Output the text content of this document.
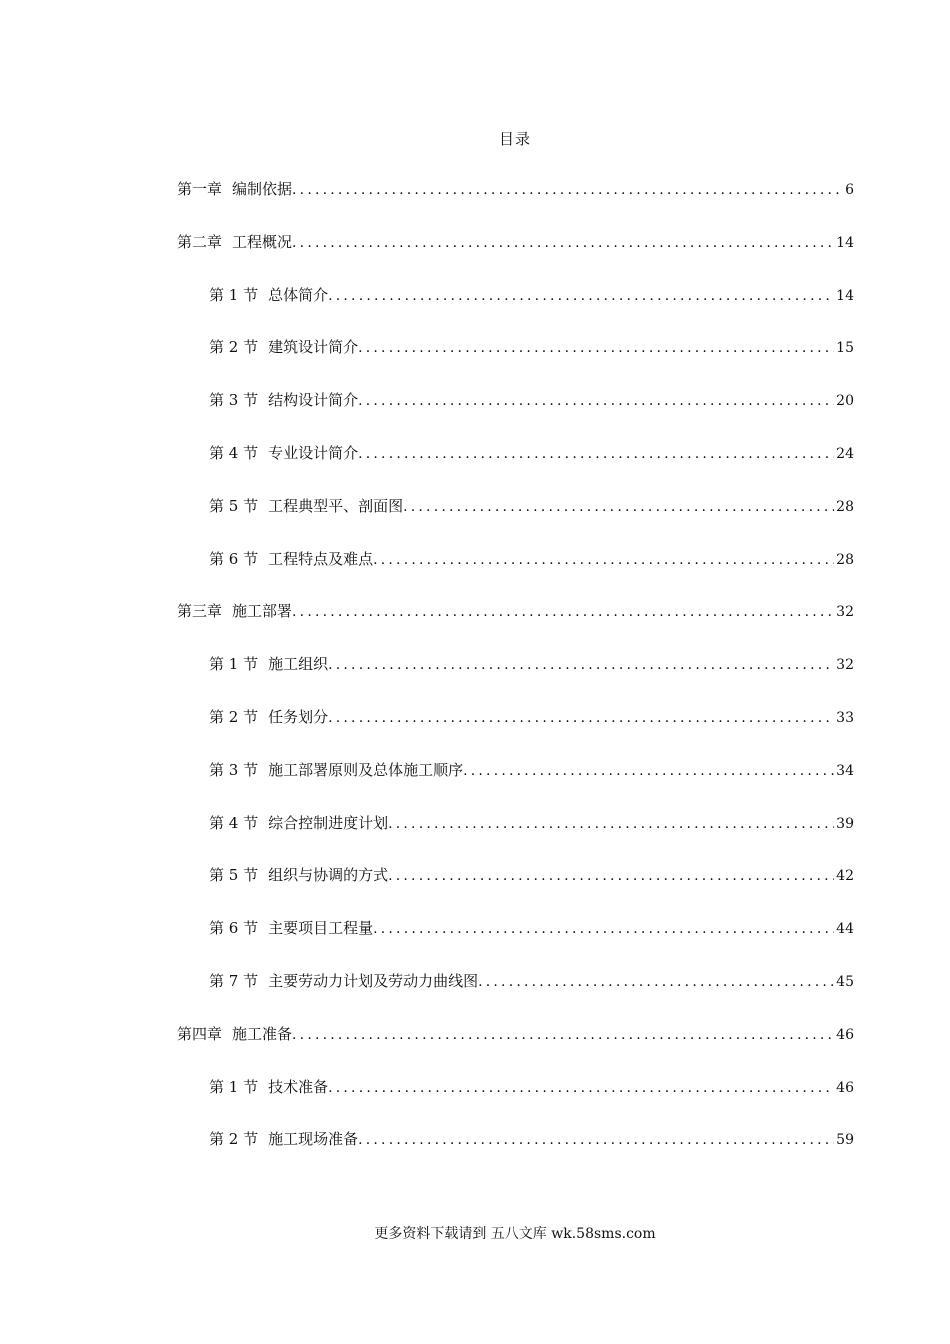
目录
第一章 编制依据 .....	6
第二章 工程概况 .....	14
第 1 节 总体简介 .....	14
第 2 节 建筑设计简介 .....	15
第 3 节 结构设计简介 .....	20
第 4 节 专业设计简介 .....	24
第 5 节 工程典型平、剖面图 .....	28
第 6 节 工程特点及难点 .....	28
第三章 施工部署 .....	32
第 1 节 施工组织 .....	32
第 2 节 任务划分 .....	33
第 3 节 施工部署原则及总体施工顺序 .....	34
第 4 节 综合控制进度计划 .....	39
第 5 节 组织与协调的方式 .....	42
第 6 节 主要项目工程量 .....	44
第 7 节 主要劳动力计划及劳动力曲线图 .....	45
第四章 施工准备 .....	46
第 1 节 技术准备 .....	46
第 2 节 施工现场准备 .....	59
更多资料下载请到 五八文库 wk.58sms.com
